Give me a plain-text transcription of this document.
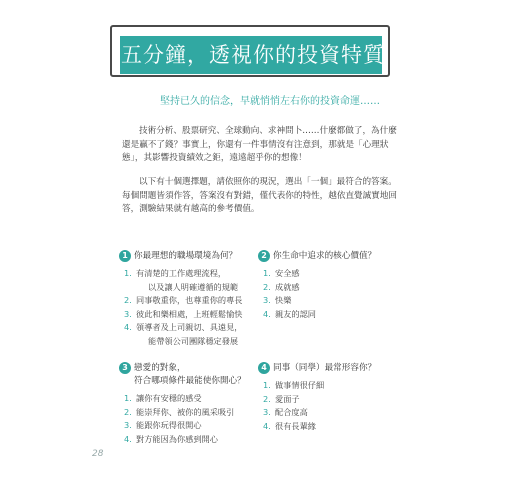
五分鐘，透視你的投資特質
堅持已久的信念，早就悄悄左右你的投資命運……

技術分析、股票研究、全球動向、求神問卜……什麼都做了，為什麼還是贏不了錢？事實上，你還有一件事情沒有注意到，那就是「心理狀態」，其影響投資績效之鉅，遠遠超乎你的想像！

以下有十個選擇題，請依照你的現況，選出「一個」最符合的答案。每個問題皆須作答，答案沒有對錯，僅代表你的特性，越依直覺誠實地回答，測驗結果就有越高的參考價值。

1 你最理想的職場環境為何？
1. 有清楚的工作處理流程，
以及讓人明確遵循的規範
2. 同事敬重你，也尊重你的專長
3. 彼此和樂相處，上班輕鬆愉快
4. 領導者及上司親切、具遠見，
能帶領公司團隊穩定發展
2 你生命中追求的核心價值？
1. 安全感
2. 成就感
3. 快樂
4. 親友的認同
3 戀愛的對象，
符合哪項條件最能使你開心？
1. 讓你有安穩的感受
2. 能崇拜你、被你的風采吸引
3. 能跟你玩得很開心
4. 對方能因為你感到開心
4 同事（同學）最常形容你？
1. 做事情很仔細
2. 愛面子
3. 配合度高
4. 很有長輩緣
28
